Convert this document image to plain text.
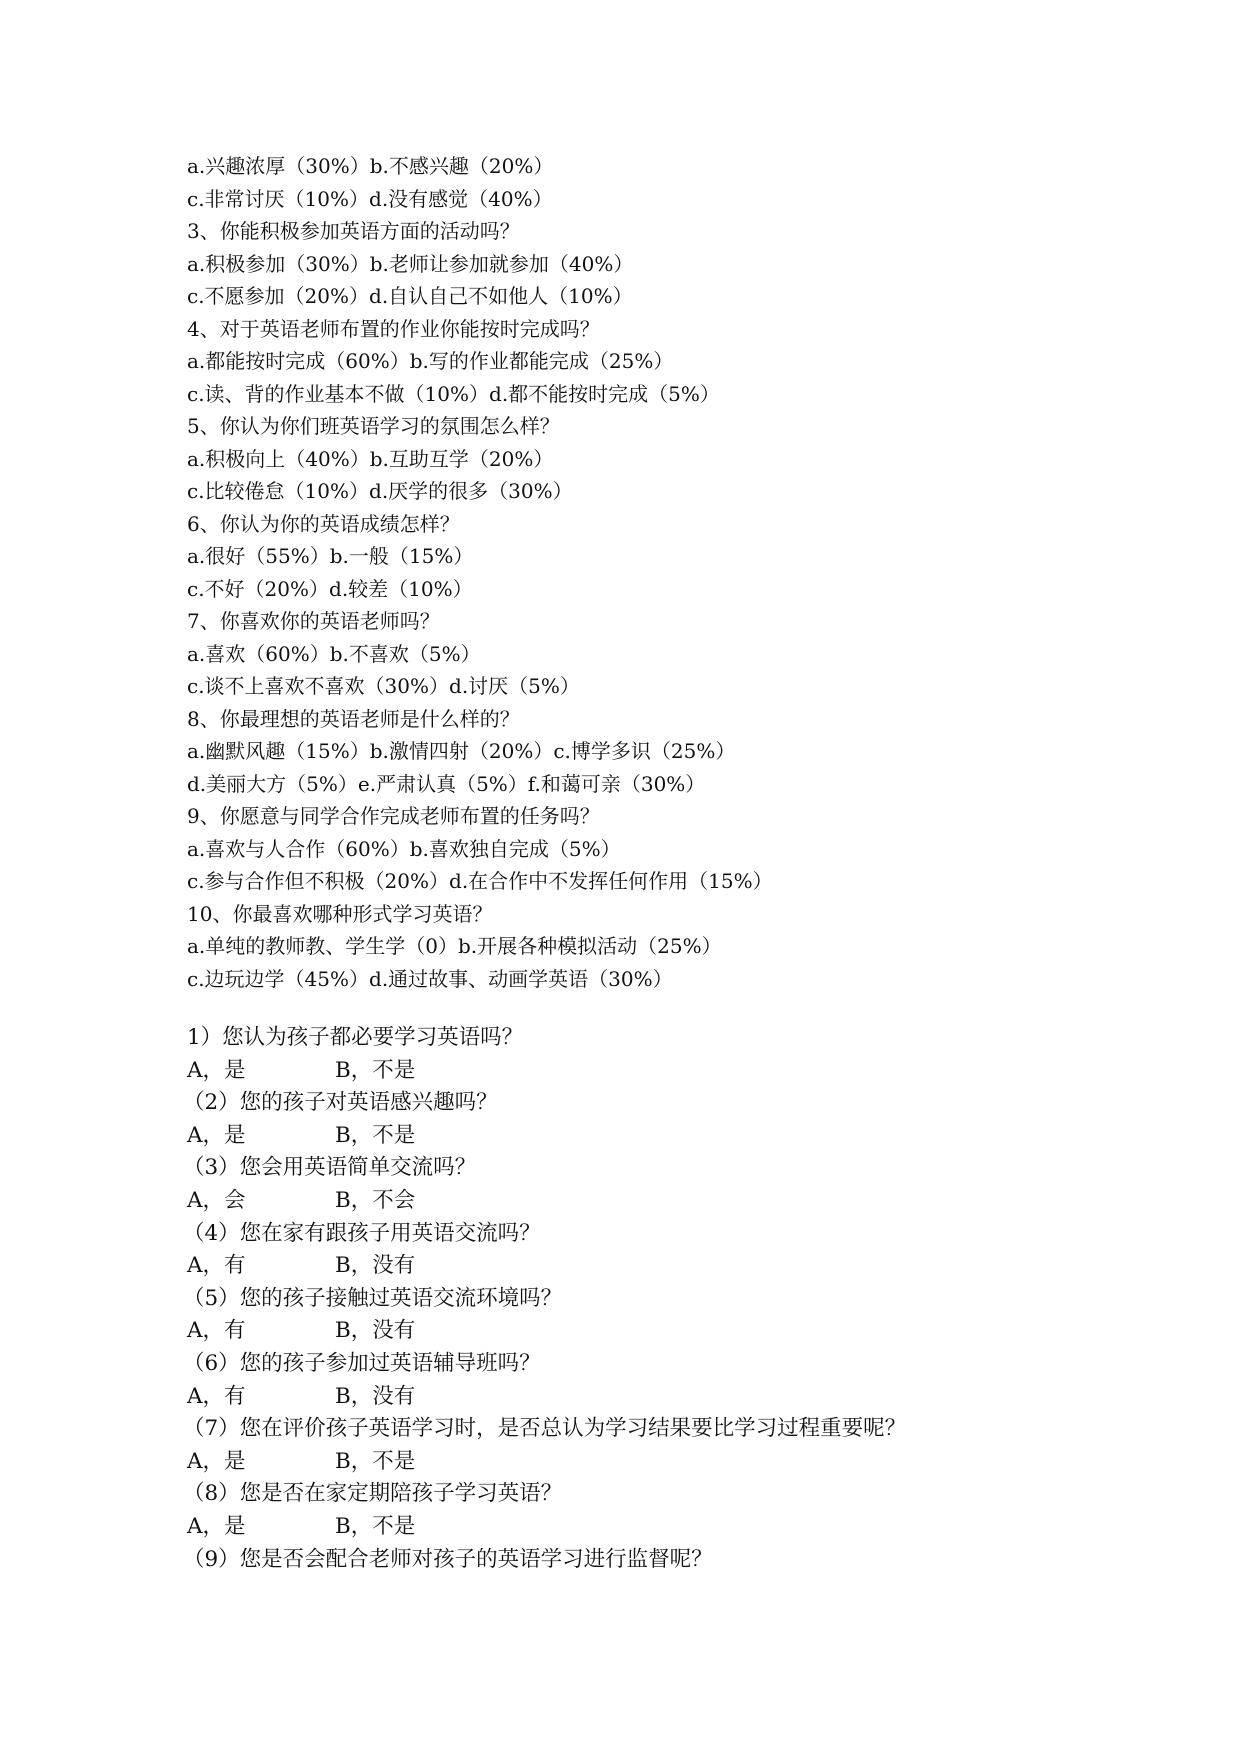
a.兴趣浓厚（30%）b.不感兴趣（20%）
c.非常讨厌（10%）d.没有感觉（40%）
3、你能积极参加英语方面的活动吗？
a.积极参加（30%）b.老师让参加就参加（40%）
c.不愿参加（20%）d.自认自己不如他人（10%）
4、对于英语老师布置的作业你能按时完成吗？
a.都能按时完成（60%）b.写的作业都能完成（25%）
c.读、背的作业基本不做（10%）d.都不能按时完成（5%）
5、你认为你们班英语学习的氛围怎么样？
a.积极向上（40%）b.互助互学（20%）
c.比较倦怠（10%）d.厌学的很多（30%）
6、你认为你的英语成绩怎样？
a.很好（55%）b.一般（15%）
c.不好（20%）d.较差（10%）
7、你喜欢你的英语老师吗？
a.喜欢（60%）b.不喜欢（5%）
c.谈不上喜欢不喜欢（30%）d.讨厌（5%）
8、你最理想的英语老师是什么样的？
a.幽默风趣（15%）b.激情四射（20%）c.博学多识（25%）
d.美丽大方（5%）e.严肃认真（5%）f.和蔼可亲（30%）
9、你愿意与同学合作完成老师布置的任务吗？
a.喜欢与人合作（60%）b.喜欢独自完成（5%）
c.参与合作但不积极（20%）d.在合作中不发挥任何作用（15%）
10、你最喜欢哪种形式学习英语？
a.单纯的教师教、学生学（0）b.开展各种模拟活动（25%）
c.边玩边学（45%）d.通过故事、动画学英语（30%）
1）您认为孩子都必要学习英语吗？
A，是	B，不是
（2）您的孩子对英语感兴趣吗？
A，是	B，不是
（3）您会用英语简单交流吗？
A，会	B，不会
（4）您在家有跟孩子用英语交流吗？
A，有	B，没有
（5）您的孩子接触过英语交流环境吗？
A，有	B，没有
（6）您的孩子参加过英语辅导班吗？
A，有	B，没有
（7）您在评价孩子英语学习时，是否总认为学习结果要比学习过程重要呢？
A，是	B，不是
（8）您是否在家定期陪孩子学习英语？
A，是	B，不是
（9）您是否会配合老师对孩子的英语学习进行监督呢？
